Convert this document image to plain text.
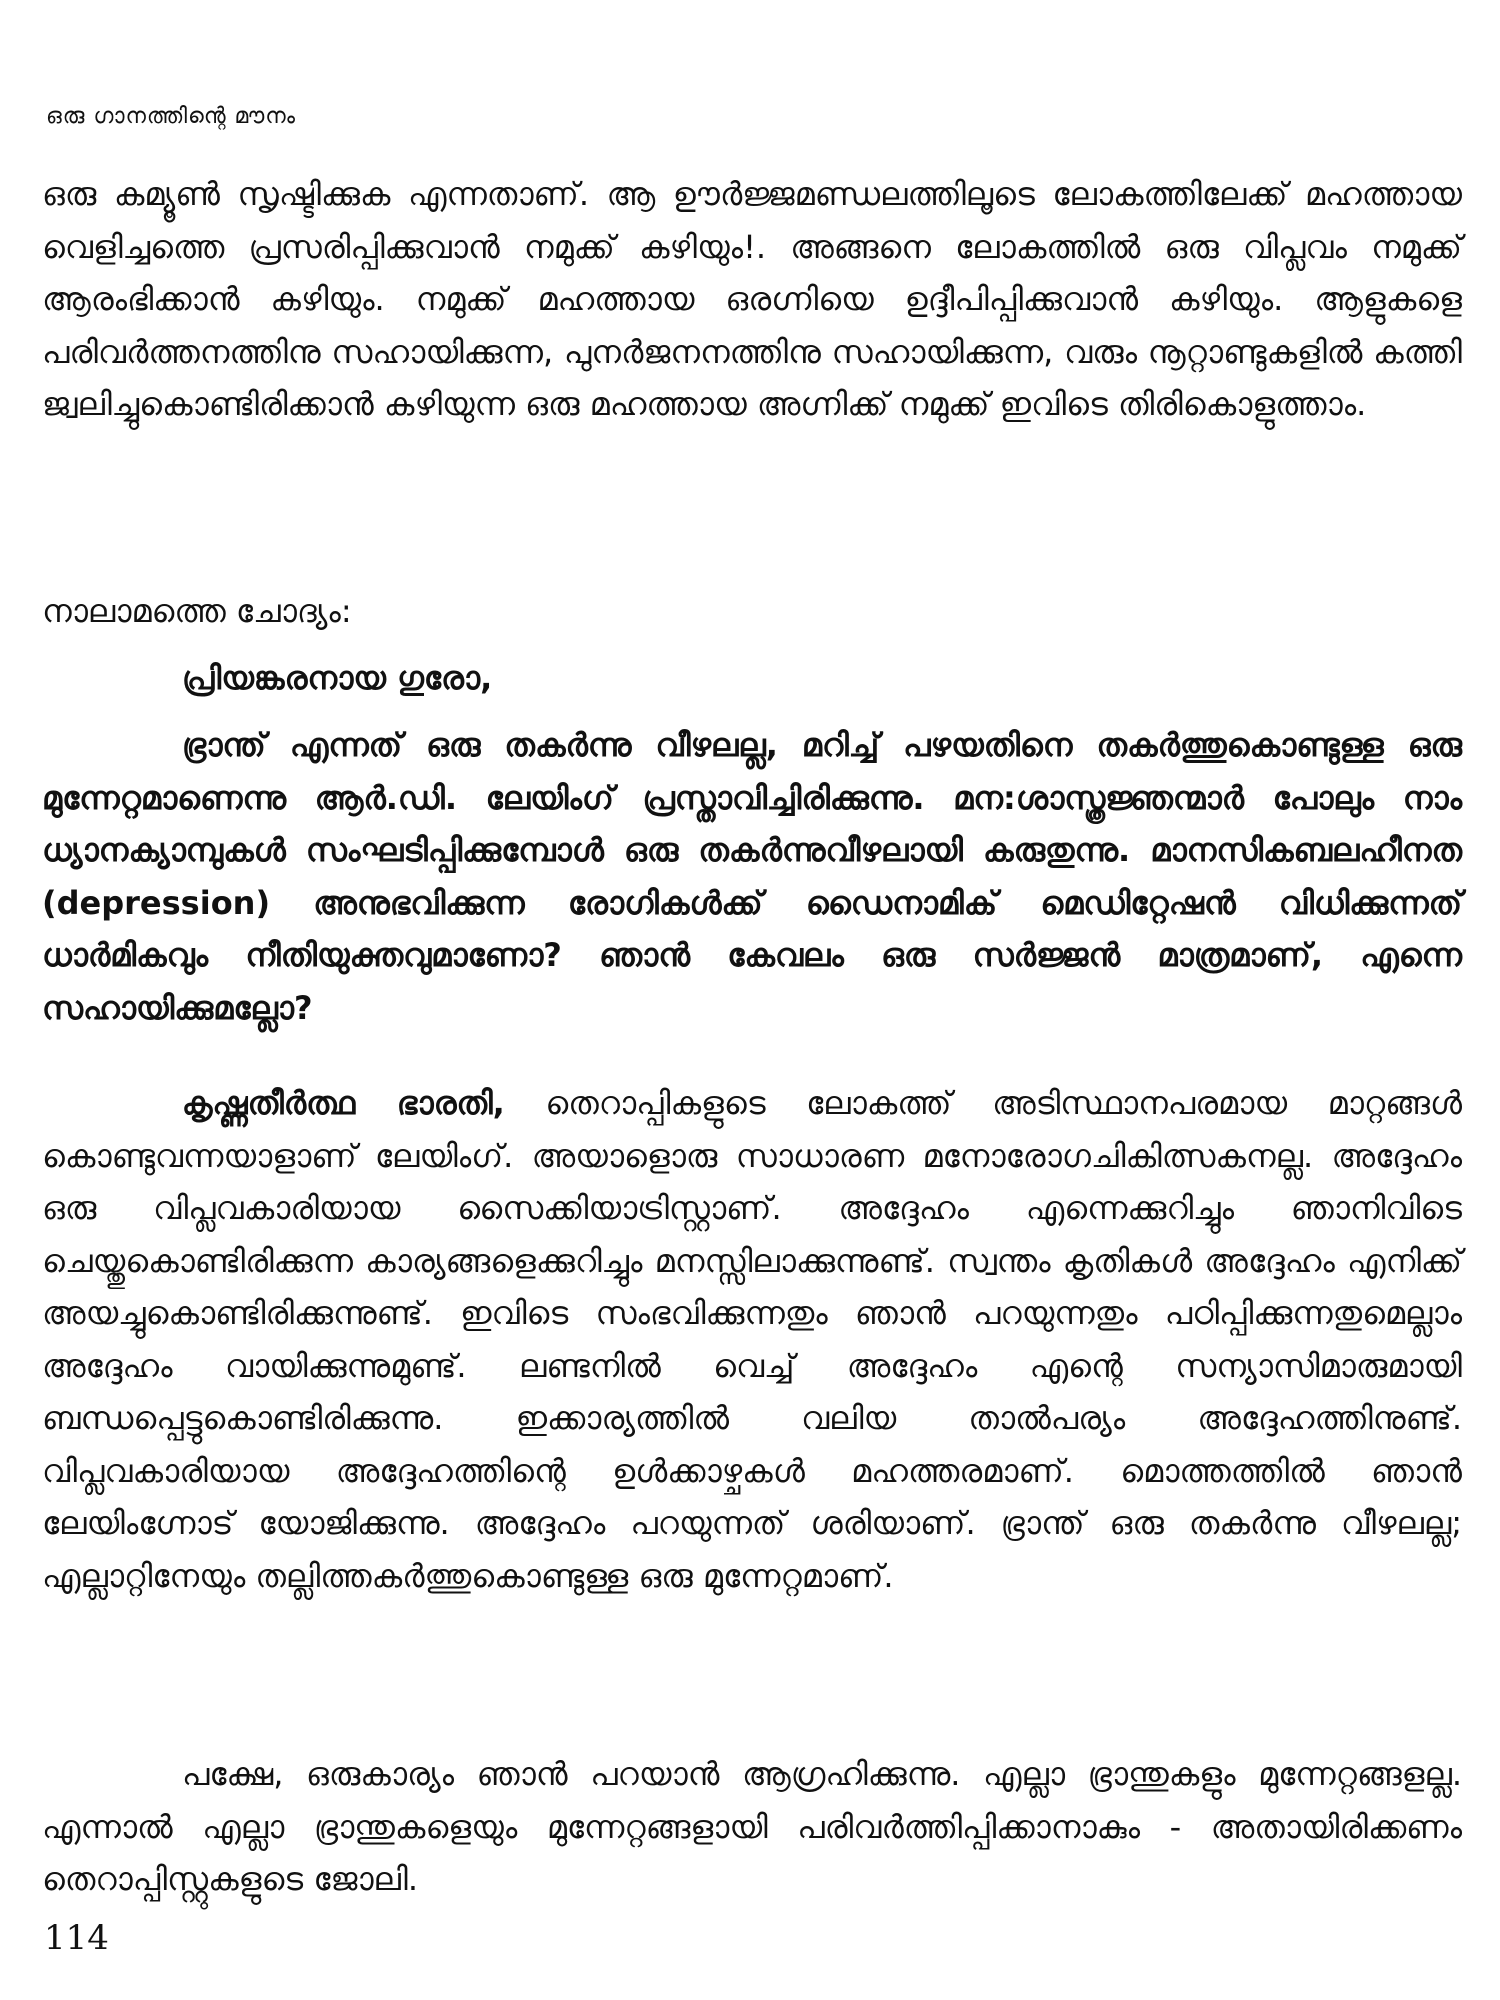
ഒരു ഗാനത്തിന്റെ മൗനം

ഒരു കമ്യൂൺ സൃഷ്ടിക്കുക എന്നതാണ്. ആ ഊർജ്ജമണ്ഡലത്തിലൂടെ ലോകത്തിലേക്ക് മഹത്തായ വെളിച്ചത്തെ പ്രസരിപ്പിക്കുവാൻ നമുക്ക് കഴിയും!. അങ്ങനെ ലോകത്തിൽ ഒരു വിപ്ലവം നമുക്ക് ആരംഭിക്കാൻ കഴിയും. നമുക്ക് മഹത്തായ ഒരഗ്നിയെ ഉദ്ദീപിപ്പിക്കുവാൻ കഴിയും. ആളുകളെ പരിവർത്തനത്തിനു സഹായിക്കുന്ന, പുനർജനനത്തിനു സഹായിക്കുന്ന, വരും നൂറ്റാണ്ടുകളിൽ കത്തി ജ്വലിച്ചുകൊണ്ടിരിക്കാൻ കഴിയുന്ന ഒരു മഹത്തായ അഗ്നിക്ക് നമുക്ക് ഇവിടെ തിരികൊളുത്താം.

നാലാമത്തെ ചോദ്യം:

പ്രിയങ്കരനായ ഗുരോ,

ഭ്രാന്ത് എന്നത് ഒരു തകർന്നു വീഴലല്ല, മറിച്ച് പഴയതിനെ തകർത്തുകൊണ്ടുള്ള ഒരു മുന്നേറ്റമാണെന്നു ആർ.ഡി. ലേയിംഗ് പ്രസ്താവിച്ചിരിക്കുന്നു. മന:ശാസ്ത്രജ്ഞന്മാർ പോലും നാം ധ്യാനക്യാമ്പുകൾ സംഘടിപ്പിക്കുമ്പോൾ ഒരു തകർന്നുവീഴലായി കരുതുന്നു. മാനസികബലഹീനത (depression) അനുഭവിക്കുന്ന രോഗികൾക്ക് ഡൈനാമിക് മെഡിറ്റേഷൻ വിധിക്കുന്നത് ധാർമികവും നീതിയുക്തവുമാണോ? ഞാൻ കേവലം ഒരു സർജ്ജൻ മാത്രമാണ്, എന്നെ സഹായിക്കുമല്ലോ?

കൃഷ്ണതീർത്ഥ ഭാരതി, തെറാപ്പികളുടെ ലോകത്ത് അടിസ്ഥാനപരമായ മാറ്റങ്ങൾ കൊണ്ടുവന്നയാളാണ് ലേയിംഗ്. അയാളൊരു സാധാരണ മനോരോഗചികിത്സകനല്ല. അദ്ദേഹം ഒരു വിപ്ലവകാരിയായ സൈക്കിയാട്രിസ്റ്റാണ്. അദ്ദേഹം എന്നെക്കുറിച്ചും ഞാനിവിടെ ചെയ്തുകൊണ്ടിരിക്കുന്ന കാര്യങ്ങളെക്കുറിച്ചും മനസ്സിലാക്കുന്നുണ്ട്. സ്വന്തം കൃതികൾ അദ്ദേഹം എനിക്ക് അയച്ചുകൊണ്ടിരിക്കുന്നുണ്ട്. ഇവിടെ സംഭവിക്കുന്നതും ഞാൻ പറയുന്നതും പഠിപ്പിക്കുന്നതുമെല്ലാം അദ്ദേഹം വായിക്കുന്നുമുണ്ട്. ലണ്ടനിൽ വെച്ച് അദ്ദേഹം എന്റെ സന്യാസിമാരുമായി ബന്ധപ്പെട്ടുകൊണ്ടിരിക്കുന്നു. ഇക്കാര്യത്തിൽ വലിയ താൽപര്യം അദ്ദേഹത്തിനുണ്ട്. വിപ്ലവകാരിയായ അദ്ദേഹത്തിന്റെ ഉൾക്കാഴ്ചകൾ മഹത്തരമാണ്. മൊത്തത്തിൽ ഞാൻ ലേയിംഗ്നോട് യോജിക്കുന്നു. അദ്ദേഹം പറയുന്നത് ശരിയാണ്. ഭ്രാന്ത് ഒരു തകർന്നു വീഴലല്ല; എല്ലാറ്റിനേയും തല്ലിത്തകർത്തുകൊണ്ടുള്ള ഒരു മുന്നേറ്റമാണ്.

പക്ഷേ, ഒരുകാര്യം ഞാൻ പറയാൻ ആഗ്രഹിക്കുന്നു. എല്ലാ ഭ്രാന്തുകളും മുന്നേറ്റങ്ങളല്ല. എന്നാൽ എല്ലാ ഭ്രാന്തുകളെയും മുന്നേറ്റങ്ങളായി പരിവർത്തിപ്പിക്കാനാകും - അതായിരിക്കണം തെറാപ്പിസ്റ്റുകളുടെ ജോലി.

114
